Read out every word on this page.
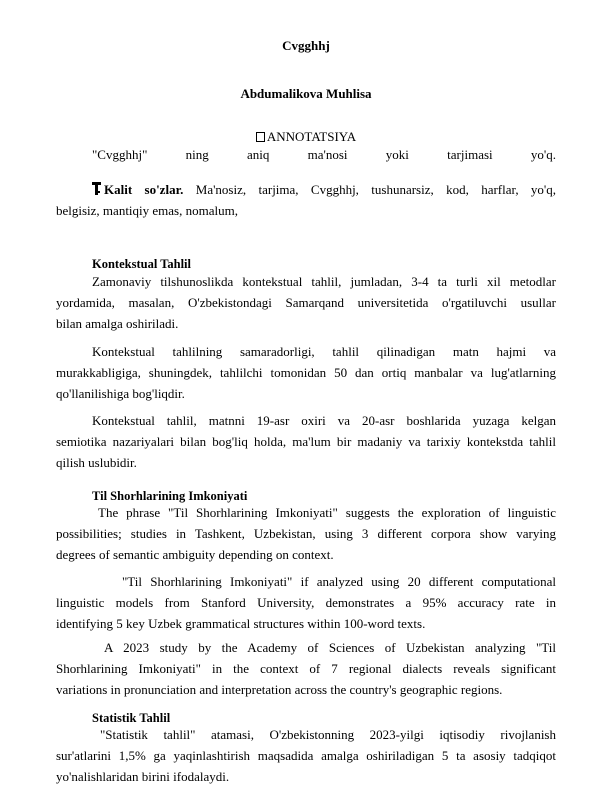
Cvgghhj
Abdumalikova Muhlisa
ANNOTATSIYA
"Cvgghhj" ning aniq ma'nosi yoki tarjimasi yo'q.
Kalit so'zlar. Ma'nosiz, tarjima, Cvgghhj, tushunarsiz, kod, harflar, yo'q,
belgisiz, mantiqiy emas, nomalum,
Kontekstual Tahlil
Zamonaviy tilshunoslikda kontekstual tahlil, jumladan, 3-4 ta turli xil metodlar
yordamida, masalan, O'zbekistondagi Samarqand universitetida o'rgatiluvchi usullar
bilan amalga oshiriladi.
Kontekstual tahlilning samaradorligi, tahlil qilinadigan matn hajmi va
murakkabligiga, shuningdek, tahlilchi tomonidan 50 dan ortiq manbalar va lug'atlarning
qo'llanilishiga bog'liqdir.
Kontekstual tahlil, matnni 19-asr oxiri va 20-asr boshlarida yuzaga kelgan
semiotika nazariyalari bilan bog'liq holda, ma'lum bir madaniy va tarixiy kontekstda tahlil
qilish uslubidir.
Til Shorhlarining Imkoniyati
The phrase "Til Shorhlarining Imkoniyati" suggests the exploration of linguistic
possibilities; studies in Tashkent, Uzbekistan, using 3 different corpora show varying
degrees of semantic ambiguity depending on context.
"Til Shorhlarining Imkoniyati" if analyzed using 20 different computational
linguistic models from Stanford University, demonstrates a 95% accuracy rate in
identifying 5 key Uzbek grammatical structures within 100-word texts.
A 2023 study by the Academy of Sciences of Uzbekistan analyzing "Til
Shorhlarining Imkoniyati" in the context of 7 regional dialects reveals significant
variations in pronunciation and interpretation across the country's geographic regions.
Statistik Tahlil
"Statistik tahlil" atamasi, O'zbekistonning 2023-yilgi iqtisodiy rivojlanish
sur'atlarini 1,5% ga yaqinlashtirish maqsadida amalga oshiriladigan 5 ta asosiy tadqiqot
yo'nalishlaridan birini ifodalaydi.
